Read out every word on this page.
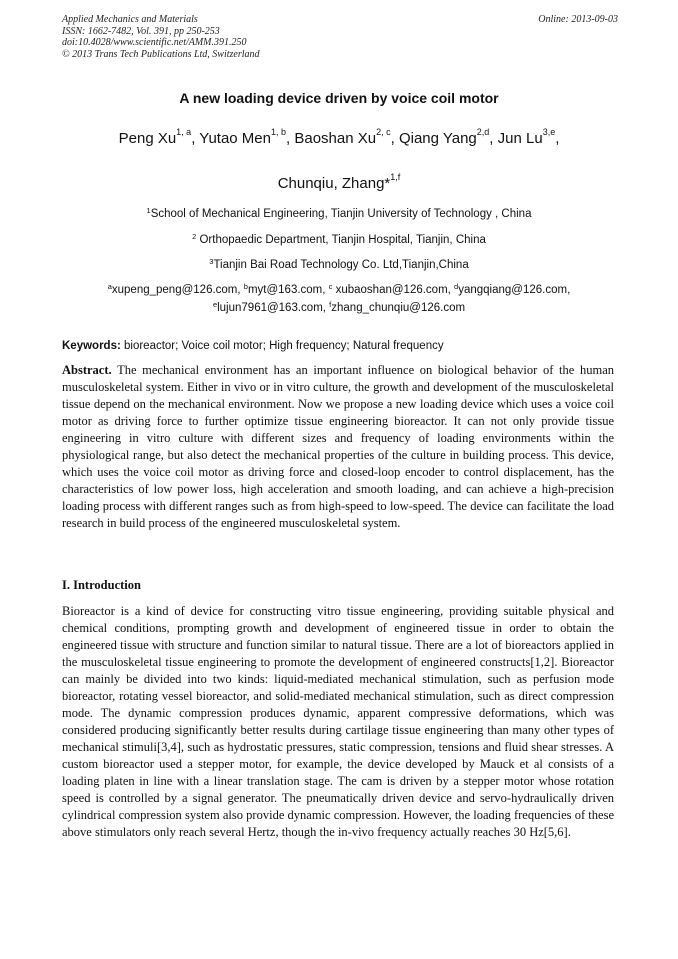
Applied Mechanics and Materials
ISSN: 1662-7482, Vol. 391, pp 250-253
doi:10.4028/www.scientific.net/AMM.391.250
© 2013 Trans Tech Publications Ltd, Switzerland
Online: 2013-09-03
A new loading device driven by voice coil motor
Peng Xu$^{1, a}$, Yutao Men$^{1, b}$, Baoshan Xu$^{2, c}$, Qiang Yang$^{2,d}$, Jun Lu$^{3,e}$,
Chunqiu, Zhang*$^{1,f}$
$^1$School of Mechanical Engineering, Tianjin University of Technology , China
$^2$ Orthopaedic Department, Tianjin Hospital, Tianjin, China
$^3$Tianjin Bai Road Technology Co. Ltd,Tianjin,China
$^a$xupeng_peng@126.com, $^b$myt@163.com, $^c$ xubaoshan@126.com, $^d$yangqiang@126.com,
$^e$lujun7961@163.com, $^f$zhang_chunqiu@126.com
Keywords: bioreactor; Voice coil motor; High frequency; Natural frequency
Abstract. The mechanical environment has an important influence on biological behavior of the human musculoskeletal system. Either in vivo or in vitro culture, the growth and development of the musculoskeletal tissue depend on the mechanical environment. Now we propose a new loading device which uses a voice coil motor as driving force to further optimize tissue engineering bioreactor. It can not only provide tissue engineering in vitro culture with different sizes and frequency of loading environments within the physiological range, but also detect the mechanical properties of the culture in building process. This device, which uses the voice coil motor as driving force and closed-loop encoder to control displacement, has the characteristics of low power loss, high acceleration and smooth loading, and can achieve a high-precision loading process with different ranges such as from high-speed to low-speed. The device can facilitate the load research in build process of the engineered musculoskeletal system.
I. Introduction
Bioreactor is a kind of device for constructing vitro tissue engineering, providing suitable physical and chemical conditions, prompting growth and development of engineered tissue in order to obtain the engineered tissue with structure and function similar to natural tissue. There are a lot of bioreactors applied in the musculoskeletal tissue engineering to promote the development of engineered constructs[1,2]. Bioreactor can mainly be divided into two kinds: liquid-mediated mechanical stimulation, such as perfusion mode bioreactor, rotating vessel bioreactor, and solid-mediated mechanical stimulation, such as direct compression mode. The dynamic compression produces dynamic, apparent compressive deformations, which was considered producing significantly better results during cartilage tissue engineering than many other types of mechanical stimuli[3,4], such as hydrostatic pressures, static compression, tensions and fluid shear stresses. A custom bioreactor used a stepper motor, for example, the device developed by Mauck et al consists of a loading platen in line with a linear translation stage. The cam is driven by a stepper motor whose rotation speed is controlled by a signal generator. The pneumatically driven device and servo-hydraulically driven cylindrical compression system also provide dynamic compression. However, the loading frequencies of these above stimulators only reach several Hertz, though the in-vivo frequency actually reaches 30 Hz[5,6].
